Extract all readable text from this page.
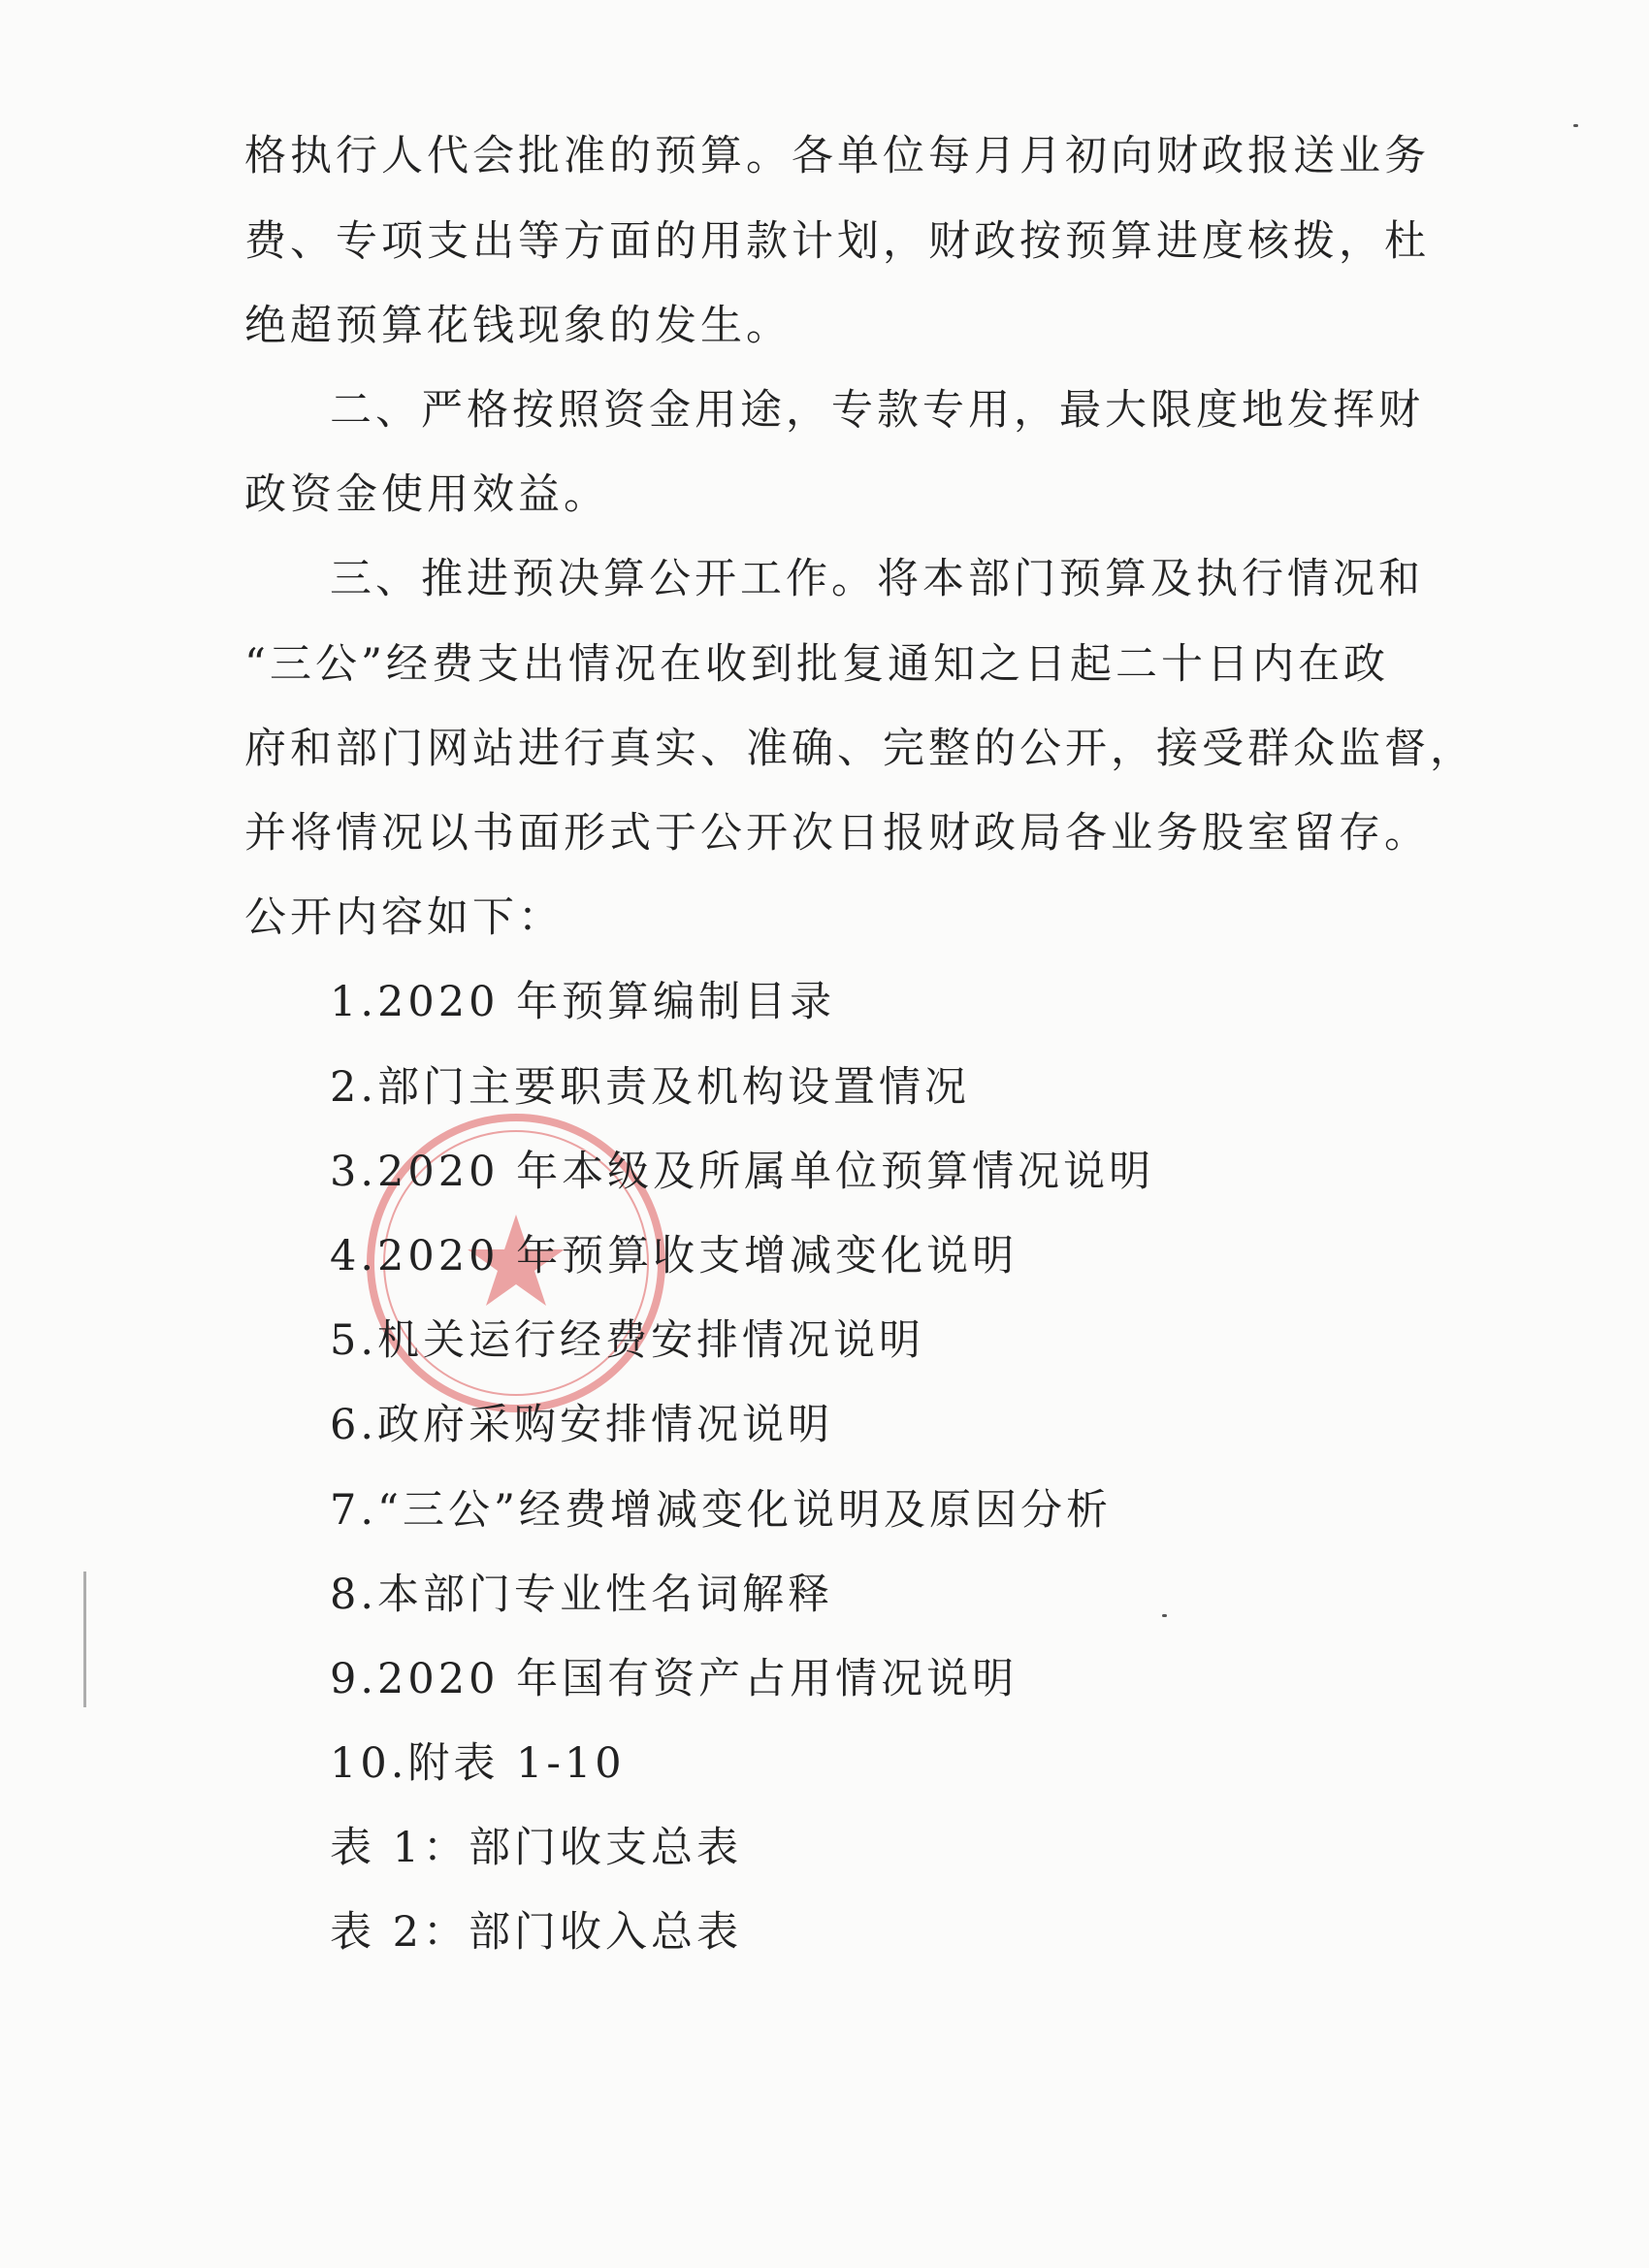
格执行人代会批准的预算。各单位每月月初向财政报送业务
费、专项支出等方面的用款计划，财政按预算进度核拨，杜
绝超预算花钱现象的发生。
二、严格按照资金用途，专款专用，最大限度地发挥财
政资金使用效益。
三、推进预决算公开工作。将本部门预算及执行情况和
“三公”经费支出情况在收到批复通知之日起二十日内在政
府和部门网站进行真实、准确、完整的公开，接受群众监督，
并将情况以书面形式于公开次日报财政局各业务股室留存。
公开内容如下：
1.2020 年预算编制目录
2.部门主要职责及机构设置情况
3.2020 年本级及所属单位预算情况说明
4.2020 年预算收支增减变化说明
5.机关运行经费安排情况说明
6.政府采购安排情况说明
7.“三公”经费增减变化说明及原因分析
8.本部门专业性名词解释
9.2020 年国有资产占用情况说明
10.附表 1-10
表 1：部门收支总表
表 2：部门收入总表
